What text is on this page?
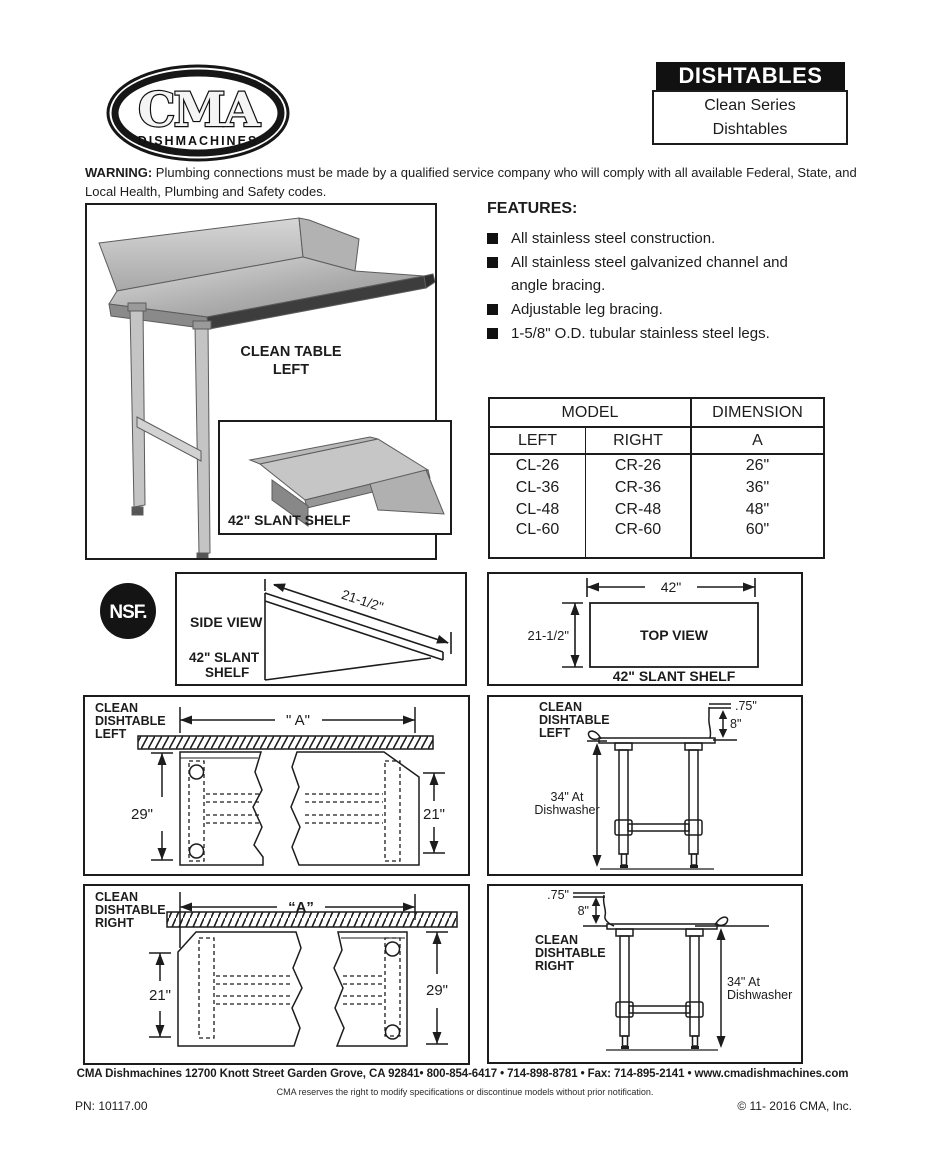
CMA
DISHMACHINES
DISHTABLES
Clean Series
Dishtables

WARNING: Plumbing connections must be made by a qualified service company who will comply with all available Federal, State, and Local Health, Plumbing and Safety codes.

CLEAN TABLE
LEFT
42" SLANT SHELF
FEATURES:
All stainless steel construction.
All stainless steel galvanized channel and angle bracing.
Adjustable leg bracing.
1-5/8" O.D. tubular stainless steel legs.
MODEL		DIMENSION
LEFT	RIGHT	A
CL-26	CR-26	26"
CL-36	CR-36	36"
CL-48	CR-48	48"
CL-60	CR-60	60"
NSF.	21-1/2"
SIDE VIEW
42" SLANT
SHELF
42"
21-1/2"	TOP VIEW
42" SLANT SHELF
" A"
29"	21"
CLEAN
DISHTABLE
LEFT
.75"
8"
34" At
Dishwasher
CLEAN
DISHTABLE
LEFT
“A”
21"	29"
CLEAN
DISHTABLE
RIGHT
.75"
8"
34" At
Dishwasher
CLEAN
DISHTABLE
RIGHT
CMA Dishmachines 12700 Knott Street Garden Grove, CA 92841• 800-854-6417 • 714-898-8781 • Fax: 714-895-2141 • www.cmadishmachines.com
CMA reserves the right to modify specifications or discontinue models without prior notification.
PN: 10117.00	© 11- 2016 CMA, Inc.
